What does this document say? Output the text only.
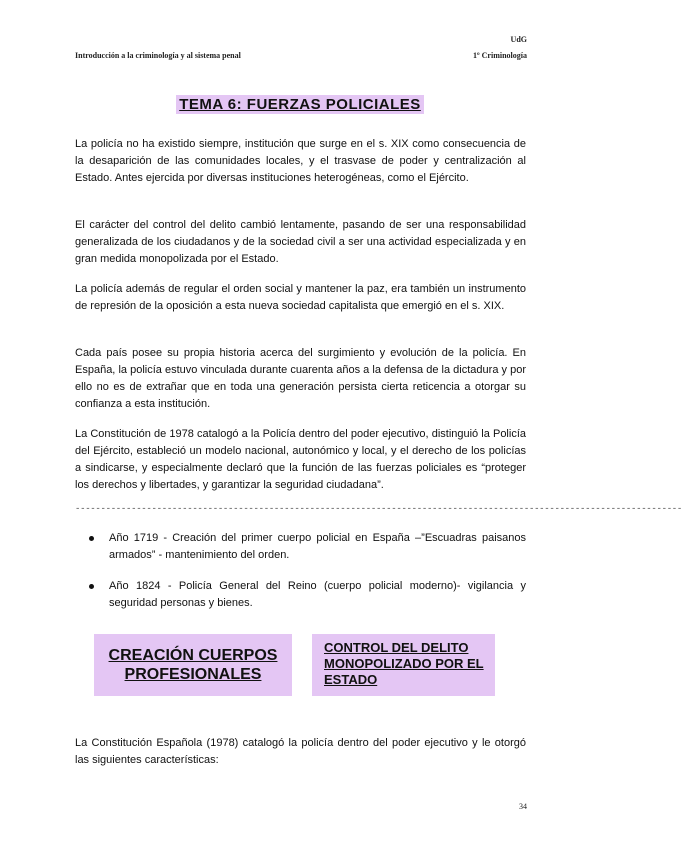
UdG
Introducción a la criminología y al sistema penal	1º Criminología
TEMA 6: FUERZAS POLICIALES

La policía no ha existido siempre, institución que surge en el s. XIX como consecuencia de la desaparición de las comunidades locales, y el trasvase de poder y centralización al Estado. Antes ejercida por diversas instituciones heterogéneas, como el Ejército.

El carácter del control del delito cambió lentamente, pasando de ser una responsabilidad generalizada de los ciudadanos y de la sociedad civil a ser una actividad especializada y en gran medida monopolizada por el Estado.

La policía además de regular el orden social y mantener la paz, era también un instrumento de represión de la oposición a esta nueva sociedad capitalista que emergió en el s. XIX.

Cada país posee su propia historia acerca del surgimiento y evolución de la policía. En España, la policía estuvo vinculada durante cuarenta años a la defensa de la dictadura y por ello no es de extrañar que en toda una generación persista cierta reticencia a otorgar su confianza a esta institución.

La Constitución de 1978 catalogó a la Policía dentro del poder ejecutivo, distinguió la Policía del Ejército, estableció un modelo nacional, autonómico y local, y el derecho de los policías a sindicarse, y especialmente declaró que la función de las fuerzas policiales es “proteger los derechos y libertades, y garantizar la seguridad ciudadana”.

-----------------------------------------------------------------------------------------------------------------------
Año 1719 - Creación del primer cuerpo policial en España –”Escuadras paisanos armados” - mantenimiento del orden.
Año 1824 - Policía General del Reino (cuerpo policial moderno)- vigilancia y seguridad personas y bienes.
CREACIÓN CUERPOS PROFESIONALES
CONTROL DEL DELITO MONOPOLIZADO POR EL ESTADO

La Constitución Española (1978) catalogó la policía dentro del poder ejecutivo y le otorgó las siguientes características:

34
